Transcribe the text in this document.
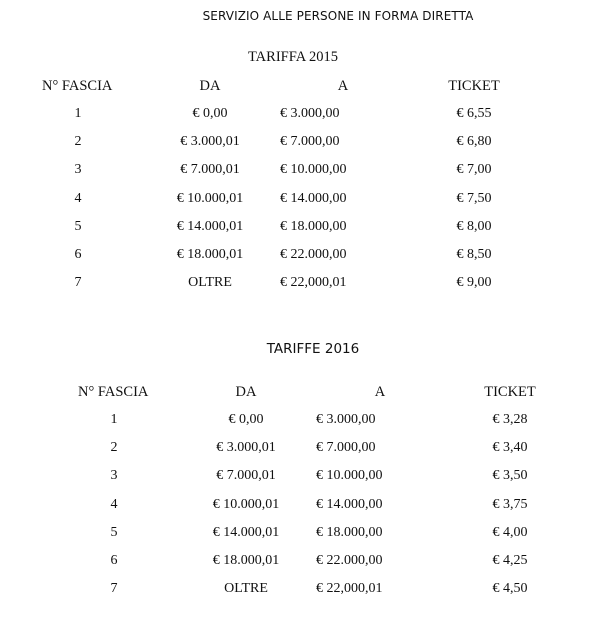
SERVIZIO ALLE PERSONE IN FORMA DIRETTA
TARIFFA 2015
N° FASCIA	DA	A	TICKET
1	€ 0,00	€ 3.000,00	€ 6,55
2	€ 3.000,01	€ 7.000,00	€ 6,80
3	€ 7.000,01	€ 10.000,00	€ 7,00
4	€ 10.000,01	€ 14.000,00	€ 7,50
5	€ 14.000,01	€ 18.000,00	€ 8,00
6	€ 18.000,01	€ 22.000,00	€ 8,50
7	OLTRE	€ 22,000,01	€ 9,00
TARIFFE 2016
N° FASCIA	DA	A	TICKET
1	€ 0,00	€ 3.000,00	€ 3,28
2	€ 3.000,01	€ 7.000,00	€ 3,40
3	€ 7.000,01	€ 10.000,00	€ 3,50
4	€ 10.000,01	€ 14.000,00	€ 3,75
5	€ 14.000,01	€ 18.000,00	€ 4,00
6	€ 18.000,01	€ 22.000,00	€ 4,25
7	OLTRE	€ 22,000,01	€ 4,50
